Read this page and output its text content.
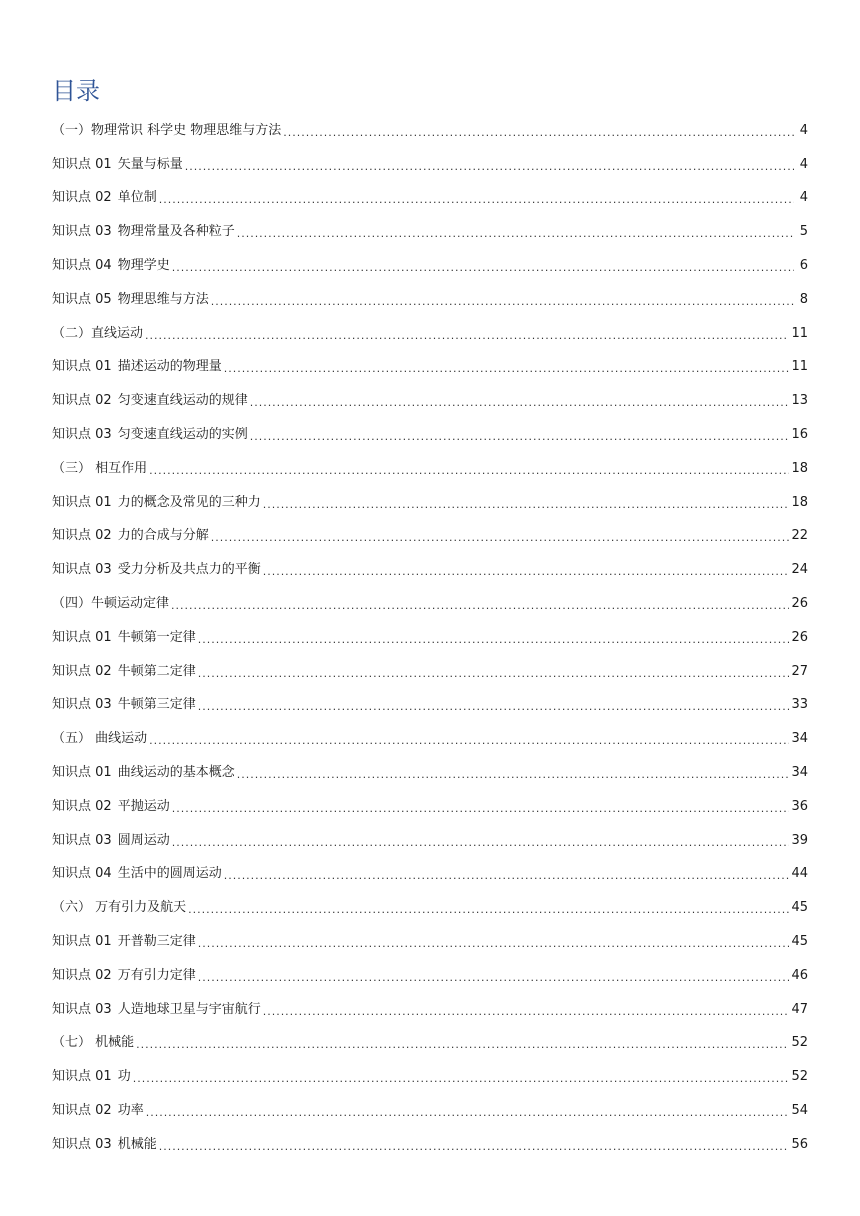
目录
（一）物理常识 科学史 物理思维与方法 .....	4
知识点 01 矢量与标量 .....	4
知识点 02 单位制 .....	4
知识点 03 物理常量及各种粒子 .....	5
知识点 04 物理学史 .....	6
知识点 05 物理思维与方法 .....	8
（二）直线运动 .....	11
知识点 01 描述运动的物理量 .....	11
知识点 02 匀变速直线运动的规律 .....	13
知识点 03 匀变速直线运动的实例 .....	16
（三） 相互作用 .....	18
知识点 01 力的概念及常见的三种力 .....	18
知识点 02 力的合成与分解 .....	22
知识点 03 受力分析及共点力的平衡 .....	24
（四）牛顿运动定律 .....	26
知识点 01 牛顿第一定律 .....	26
知识点 02 牛顿第二定律 .....	27
知识点 03 牛顿第三定律 .....	33
（五） 曲线运动 .....	34
知识点 01 曲线运动的基本概念 .....	34
知识点 02 平抛运动 .....	36
知识点 03 圆周运动 .....	39
知识点 04 生活中的圆周运动 .....	44
（六） 万有引力及航天 .....	45
知识点 01 开普勒三定律 .....	45
知识点 02 万有引力定律 .....	46
知识点 03 人造地球卫星与宇宙航行 .....	47
（七） 机械能 .....	52
知识点 01 功 .....	52
知识点 02 功率 .....	54
知识点 03 机械能 .....	56
